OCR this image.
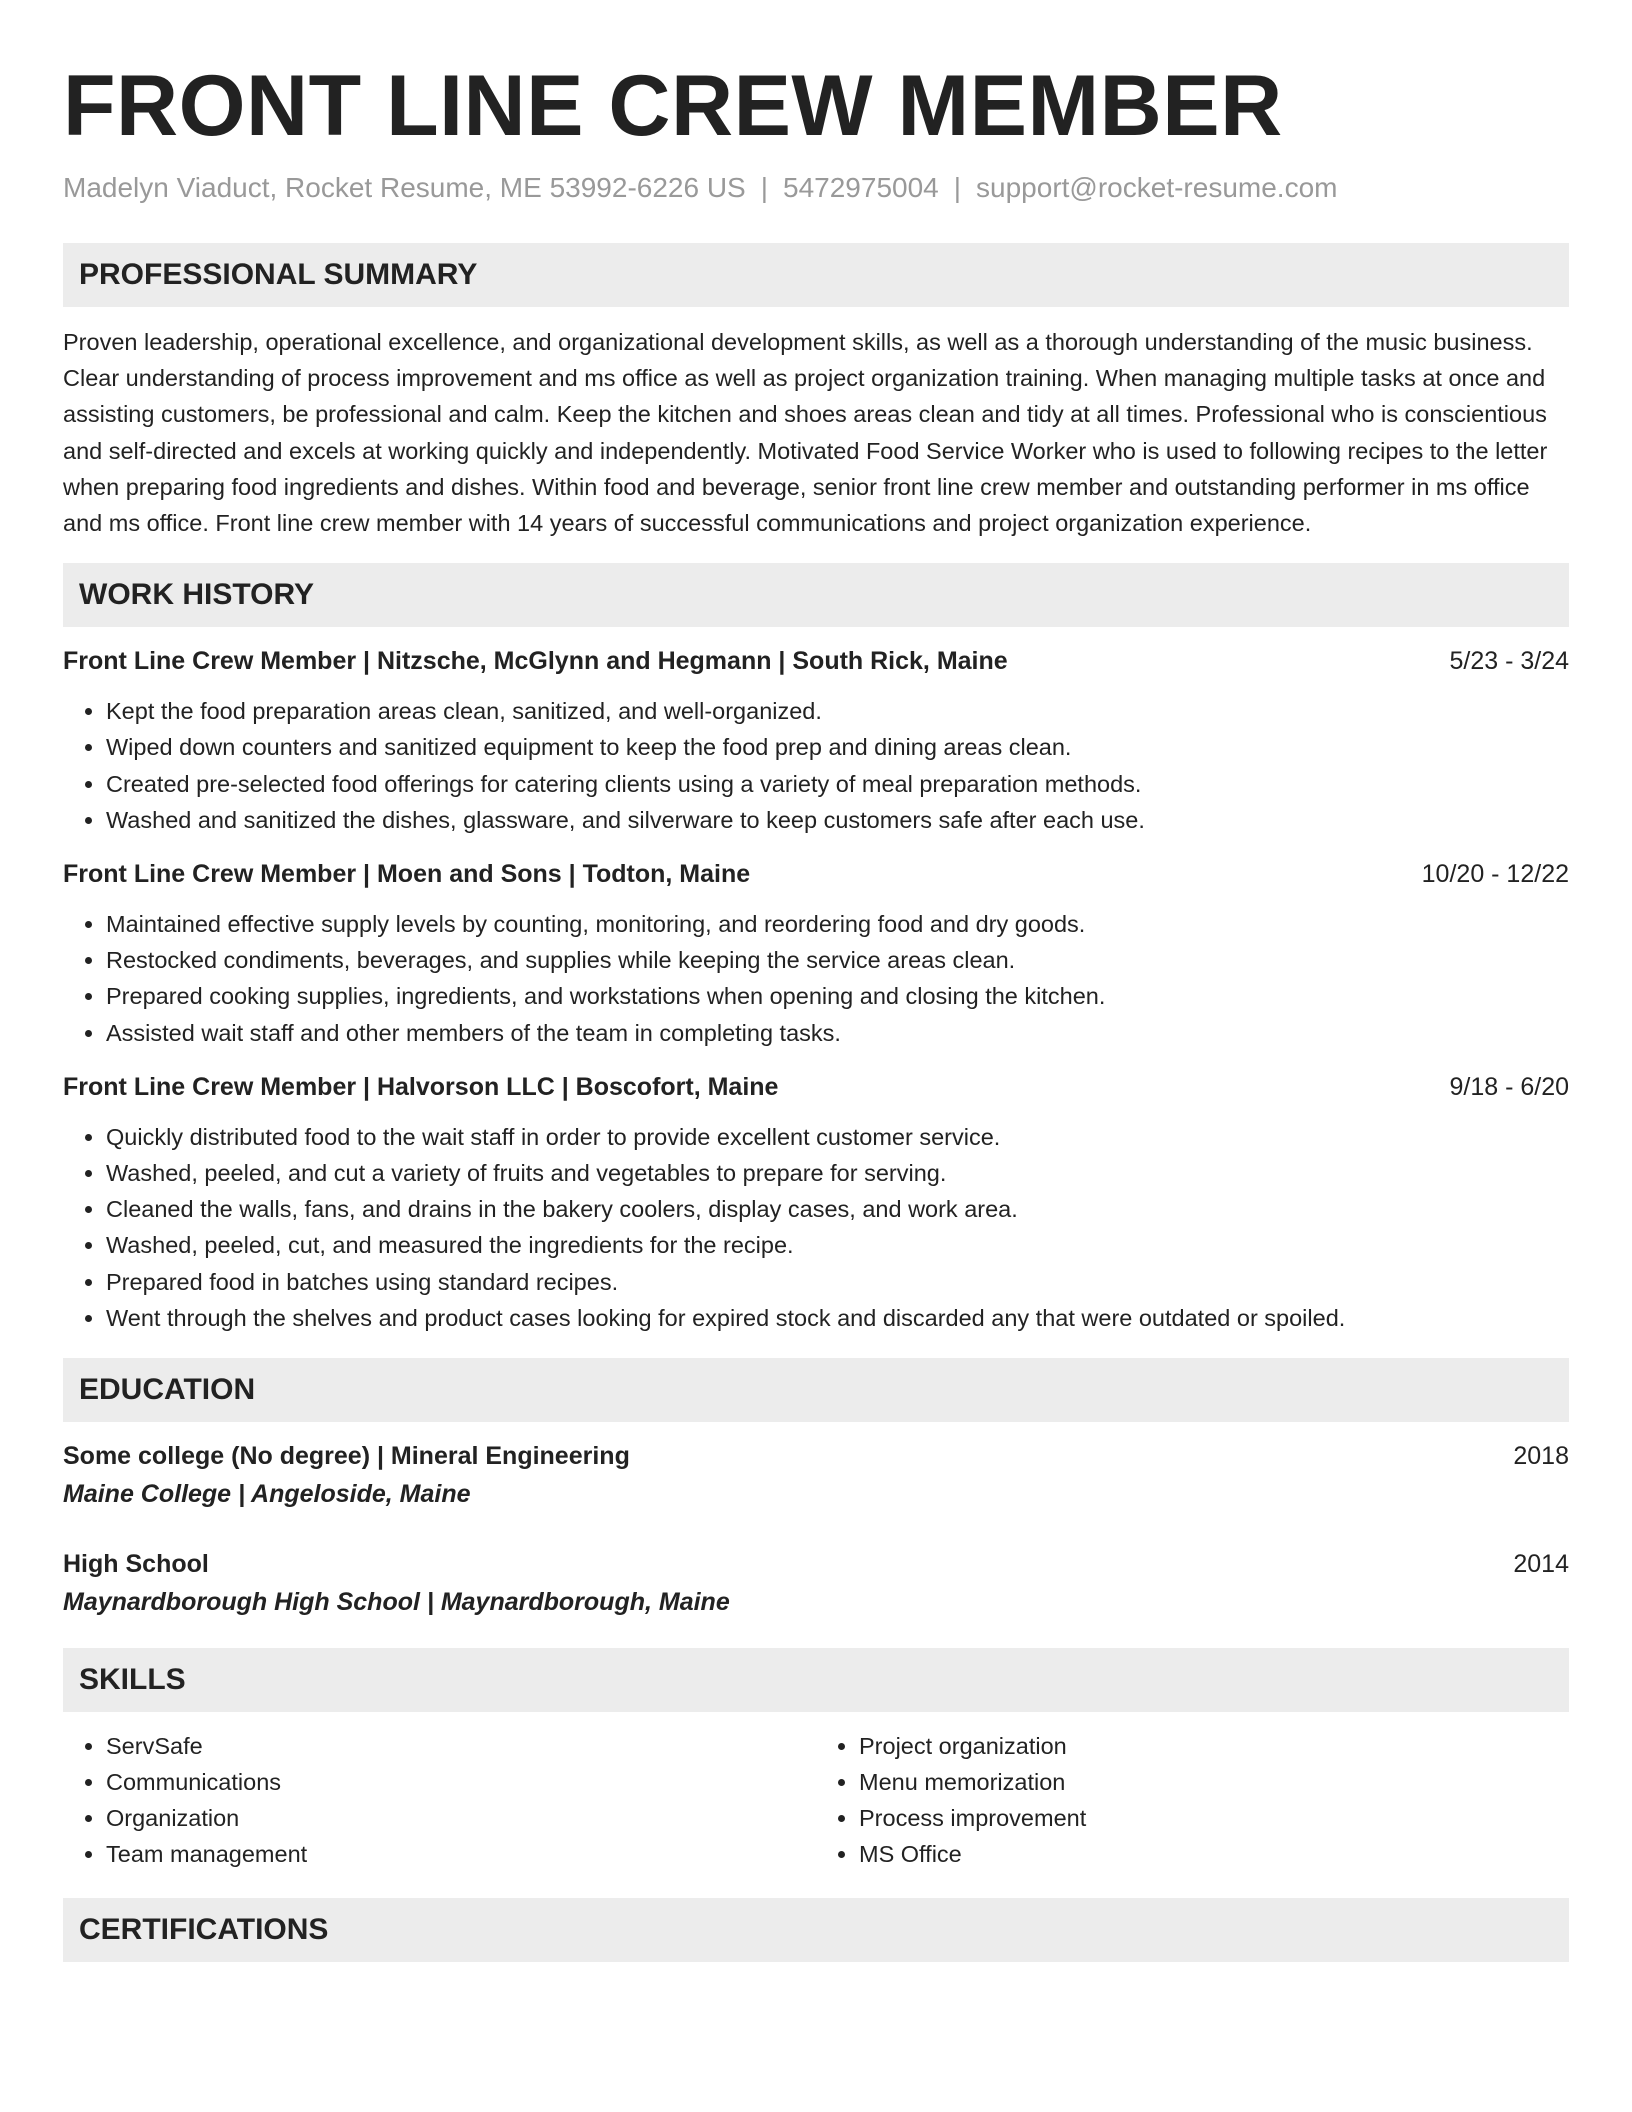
FRONT LINE CREW MEMBER
Madelyn Viaduct, Rocket Resume, ME 53992-6226 US | 5472975004 | support@rocket-resume.com
PROFESSIONAL SUMMARY

Proven leadership, operational excellence, and organizational development skills, as well as a thorough understanding of the music business. Clear understanding of process improvement and ms office as well as project organization training. When managing multiple tasks at once and assisting customers, be professional and calm. Keep the kitchen and shoes areas clean and tidy at all times. Professional who is conscientious and self-directed and excels at working quickly and independently. Motivated Food Service Worker who is used to following recipes to the letter when preparing food ingredients and dishes. Within food and beverage, senior front line crew member and outstanding performer in ms office and ms office. Front line crew member with 14 years of successful communications and project organization experience.

WORK HISTORY
Front Line Crew Member | Nitzsche, McGlynn and Hegmann | South Rick, Maine	5/23 - 3/24
• Kept the food preparation areas clean, sanitized, and well-organized.
• Wiped down counters and sanitized equipment to keep the food prep and dining areas clean.
• Created pre-selected food offerings for catering clients using a variety of meal preparation methods.
• Washed and sanitized the dishes, glassware, and silverware to keep customers safe after each use.
Front Line Crew Member | Moen and Sons | Todton, Maine	10/20 - 12/22
• Maintained effective supply levels by counting, monitoring, and reordering food and dry goods.
• Restocked condiments, beverages, and supplies while keeping the service areas clean.
• Prepared cooking supplies, ingredients, and workstations when opening and closing the kitchen.
• Assisted wait staff and other members of the team in completing tasks.
Front Line Crew Member | Halvorson LLC | Boscofort, Maine	9/18 - 6/20
• Quickly distributed food to the wait staff in order to provide excellent customer service.
• Washed, peeled, and cut a variety of fruits and vegetables to prepare for serving.
• Cleaned the walls, fans, and drains in the bakery coolers, display cases, and work area.
• Washed, peeled, cut, and measured the ingredients for the recipe.
• Prepared food in batches using standard recipes.
• Went through the shelves and product cases looking for expired stock and discarded any that were outdated or spoiled.
EDUCATION
Some college (No degree) | Mineral Engineering	2018
Maine College | Angeloside, Maine
High School	2014
Maynardborough High School | Maynardborough, Maine
SKILLS
• ServSafe
• Communications
• Organization
• Team management
• Project organization
• Menu memorization
• Process improvement
• MS Office
CERTIFICATIONS
